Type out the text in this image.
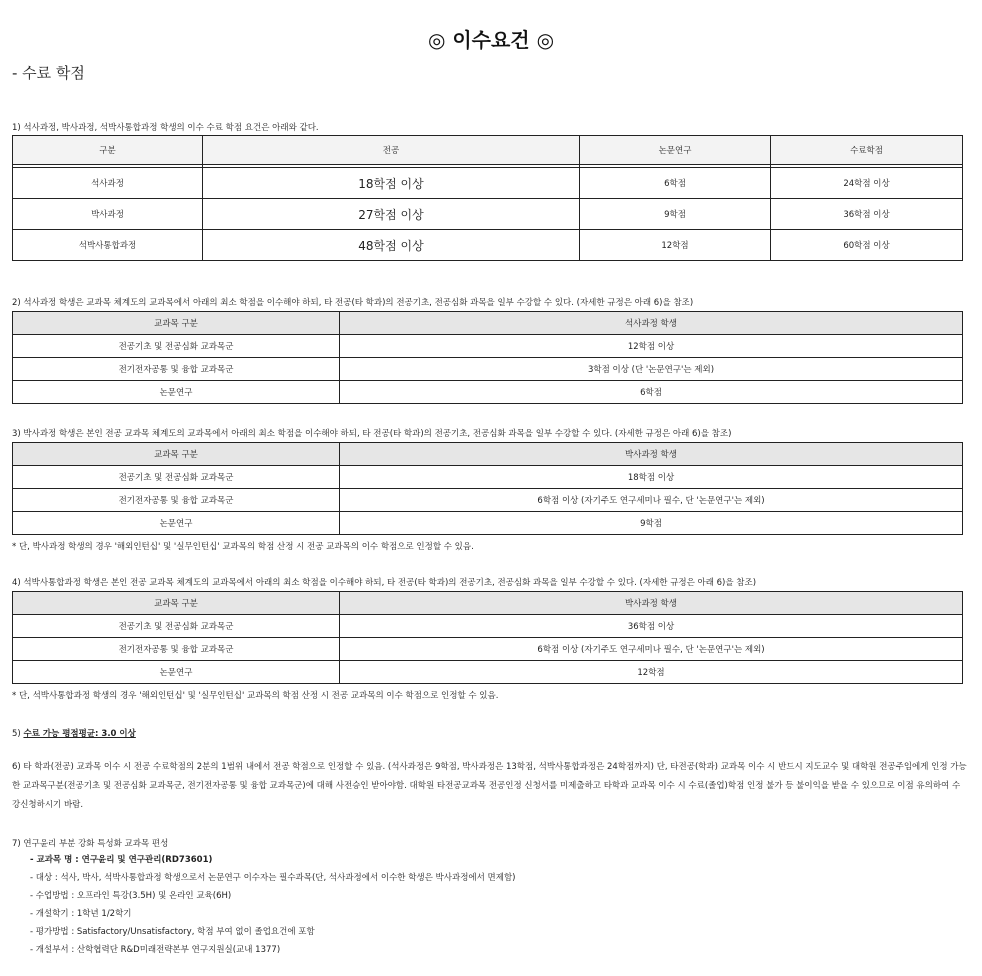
◎ 이수요건 ◎
- 수료 학점
1) 석사과정, 박사과정, 석박사통합과정 학생의 이수 수료 학점 요건은 아래와 같다.
구분	전공	논문연구	수료학점

석사과정	18학점 이상	6학점	24학점 이상
박사과정	27학점 이상	9학점	36학점 이상
석박사통합과정	48학점 이상	12학점	60학점 이상
2) 석사과정 학생은 교과목 체계도의 교과목에서 아래의 최소 학점을 이수해야 하되, 타 전공(타 학과)의 전공기초, 전공심화 과목을 일부 수강할 수 있다. (자세한 규정은 아래 6)을 참조)
교과목 구분	석사과정 학생
전공기초 및 전공심화 교과목군	12학점 이상
전기전자공통 및 융합 교과목군	3학점 이상 (단 '논문연구'는 제외)
논문연구	6학점
3) 박사과정 학생은 본인 전공 교과목 체계도의 교과목에서 아래의 최소 학점을 이수해야 하되, 타 전공(타 학과)의 전공기초, 전공심화 과목을 일부 수강할 수 있다. (자세한 규정은 아래 6)을 참조)
교과목 구분	박사과정 학생
전공기초 및 전공심화 교과목군	18학점 이상
전기전자공통 및 융합 교과목군	6학점 이상 (자기주도 연구세미나 필수, 단 '논문연구'는 제외)
논문연구	9학점
* 단, 박사과정 학생의 경우 '해외인턴십' 및 '실무인턴십' 교과목의 학점 산정 시 전공 교과목의 이수 학점으로 인정할 수 있음.
4) 석박사통합과정 학생은 본인 전공 교과목 체계도의 교과목에서 아래의 최소 학점을 이수해야 하되, 타 전공(타 학과)의 전공기초, 전공심화 과목을 일부 수강할 수 있다. (자세한 규정은 아래 6)을 참조)
교과목 구분	박사과정 학생
전공기초 및 전공심화 교과목군	36학점 이상
전기전자공통 및 융합 교과목군	6학점 이상 (자기주도 연구세미나 필수, 단 '논문연구'는 제외)
논문연구	12학점
* 단, 석박사통합과정 학생의 경우 '해외인턴십' 및 '실무인턴십' 교과목의 학점 산정 시 전공 교과목의 이수 학점으로 인정할 수 있음.
5) 수료 가능 평점평균: 3.0 이상
6) 타 학과(전공) 교과목 이수 시 전공 수료학점의 2분의 1범위 내에서 전공 학점으로 인정할 수 있음. (석사과정은 9학점, 박사과정은 13학점, 석박사통합과정은 24학점까지) 단, 타전공(학과) 교과목 이수 시 반드시 지도교수 및 대학원 전공주임에게 인정 가능한 교과목구분(전공기초 및 전공심화 교과목군, 전기전자공통 및 융합 교과목군)에 대해 사전승인 받아야함. 대학원 타전공교과목 전공인정 신청서를 미제출하고 타학과 교과목 이수 시 수료(졸업)학점 인정 불가 등 불이익을 받을 수 있으므로 이점 유의하여 수강신청하시기 바람.
7) 연구윤리 부분 강화 특성화 교과목 편성
- 교과목 명 : 연구윤리 및 연구관리(RD73601)
- 대상 : 석사, 박사, 석박사통합과정 학생으로서 논문연구 이수자는 필수과목(단, 석사과정에서 이수한 학생은 박사과정에서 면제함)
- 수업방법 : 오프라인 특강(3.5H) 및 온라인 교육(6H)
- 개설학기 : 1학년 1/2학기
- 평가방법 : Satisfactory/Unsatisfactory, 학점 부여 없이 졸업요건에 포함
- 개설부서 : 산학협력단 R&D미래전략본부 연구지원실(교내 1377)
